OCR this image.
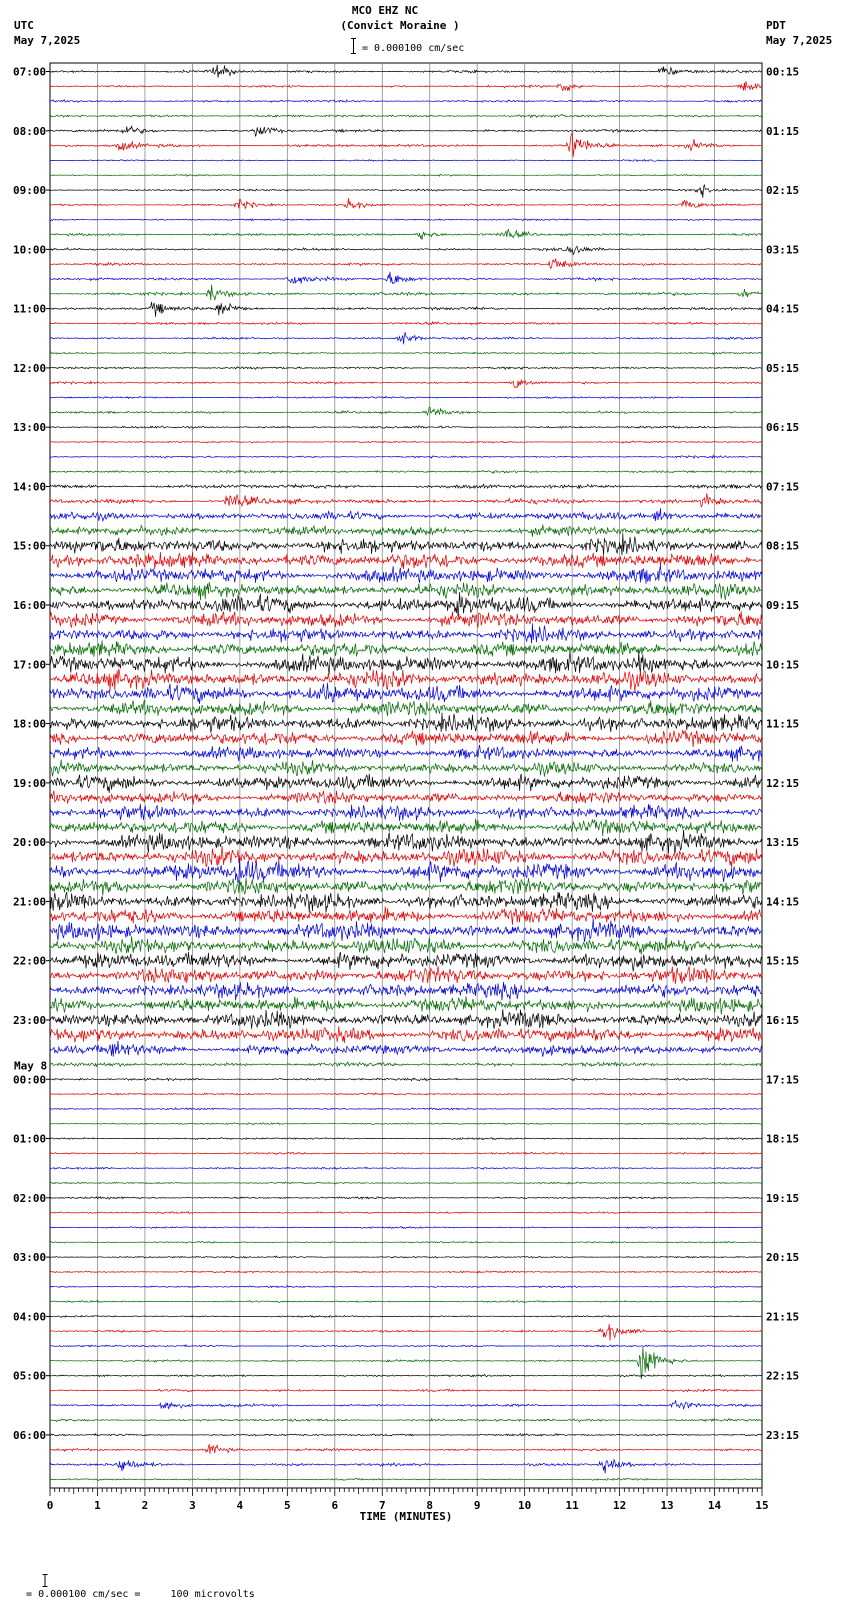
MCO EHZ NC
(Convict Moraine )
= 0.000100 cm/sec
UTC
May 7,2025
PDT
May 7,2025
07:00
08:00
09:00
10:00
11:00
12:00
13:00
14:00
15:00
16:00
17:00
18:00
19:00
20:00
21:00
22:00
23:00
May 8
00:00
01:00
02:00
03:00
04:00
05:00
06:00
00:15
01:15
02:15
03:15
04:15
05:15
06:15
07:15
08:15
09:15
10:15
11:15
12:15
13:15
14:15
15:15
16:15
17:15
18:15
19:15
20:15
21:15
22:15
23:15
0	1	2	3	4	5	6	7	8	9	10	11	12	13	14	15
TIME (MINUTES)

= 0.000100 cm/sec =     100 microvolts
